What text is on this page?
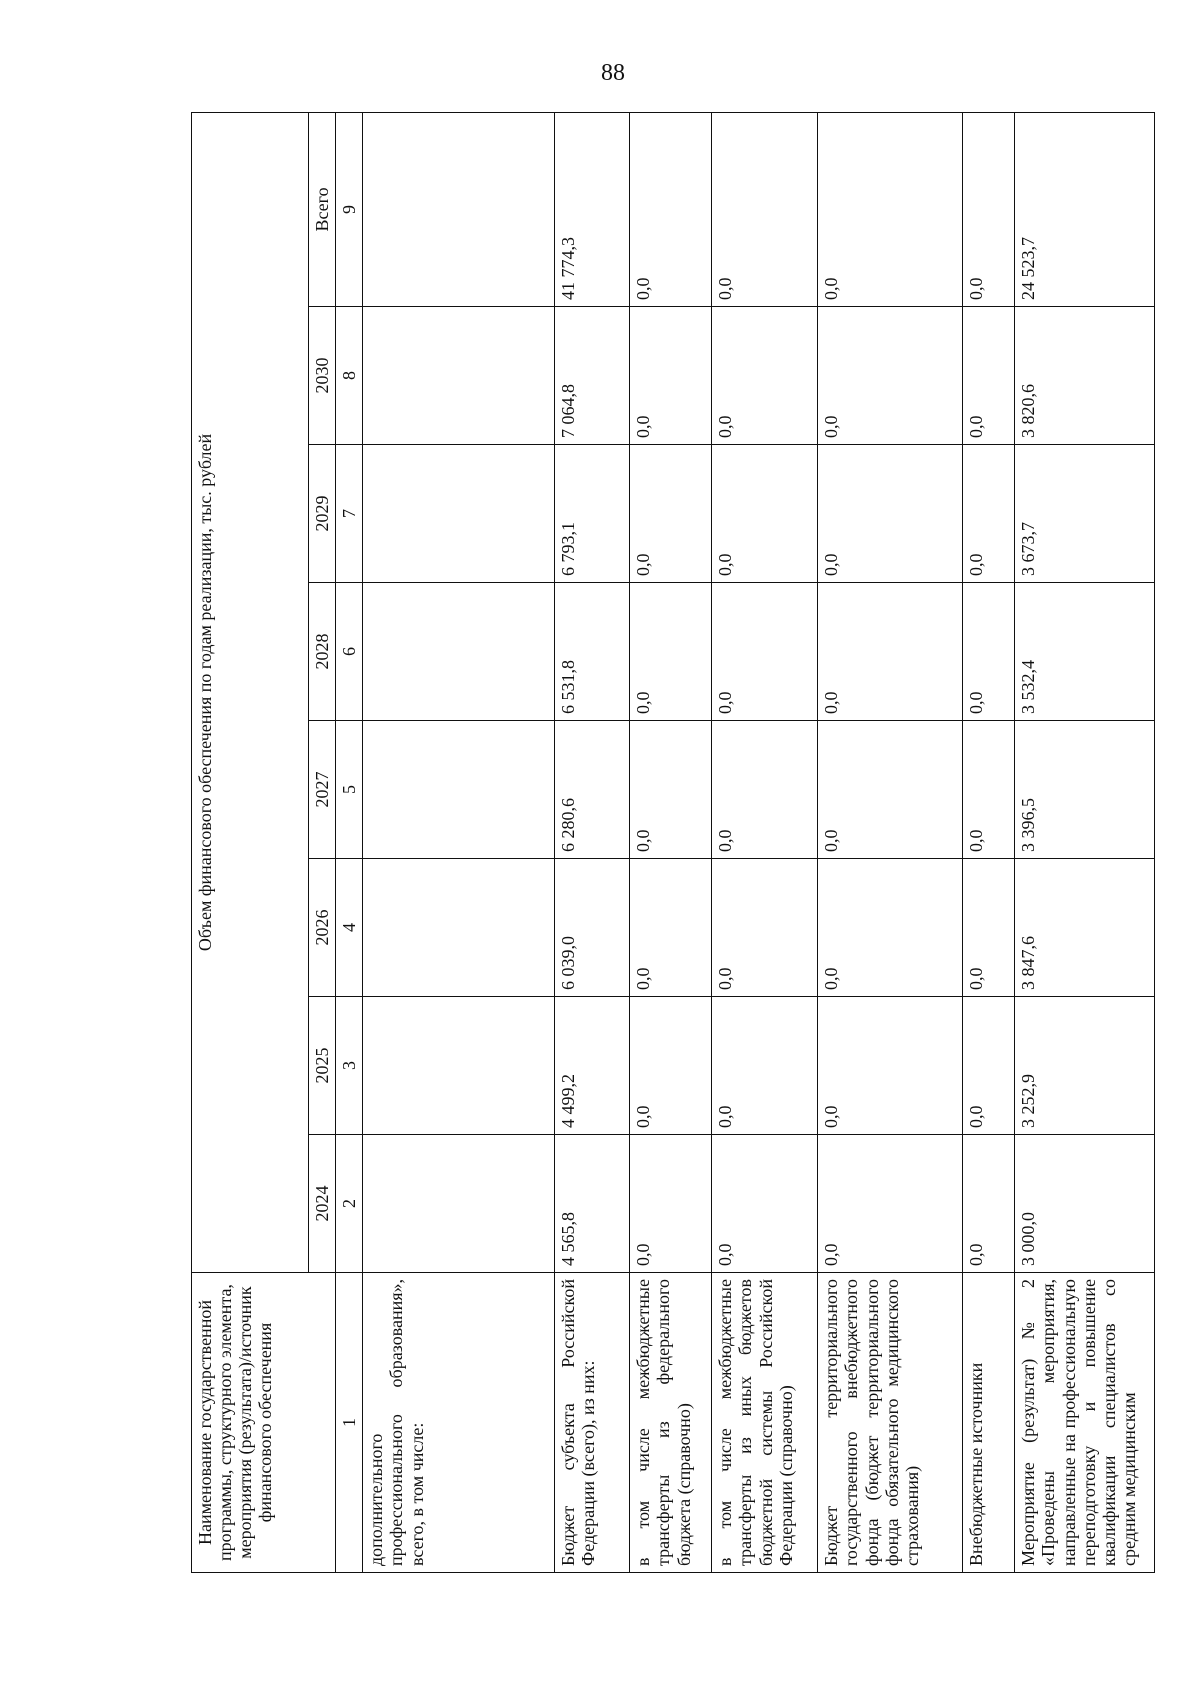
88
Наименование государственной программы, структурного элемента, мероприятия (результата)/источник финансового обеспечения	Объем финансового обеспечения по годам реализации, тыс. рублей							
	2024	2025	2026	2027	2028	2029	2030	Всего
1	2	3	4	5	6	7	8	9
дополнительного профессионального образования», всего, в том числе:								
Бюджет субъекта Российской Федерации (всего), из них:	4 565,8	4 499,2	6 039,0	6 280,6	6 531,8	6 793,1	7 064,8	41 774,3
в том числе межбюджетные трансферты из федерального бюджета (справочно)	0,0	0,0	0,0	0,0	0,0	0,0	0,0	0,0
в том числе межбюджетные трансферты из иных бюджетов бюджетной системы Российской Федерации (справочно)	0,0	0,0	0,0	0,0	0,0	0,0	0,0	0,0
Бюджет территориального государственного внебюджетного фонда (бюджет территориального фонда обязательного медицинского страхования)	0,0	0,0	0,0	0,0	0,0	0,0	0,0	0,0
Внебюджетные источники	0,0	0,0	0,0	0,0	0,0	0,0	0,0	0,0
Мероприятие (результат) № 2 «Проведены мероприятия, направленные на профессиональную переподготовку и повышение квалификации специалистов со средним медицинским	3 000,0	3 252,9	3 847,6	3 396,5	3 532,4	3 673,7	3 820,6	24 523,7
